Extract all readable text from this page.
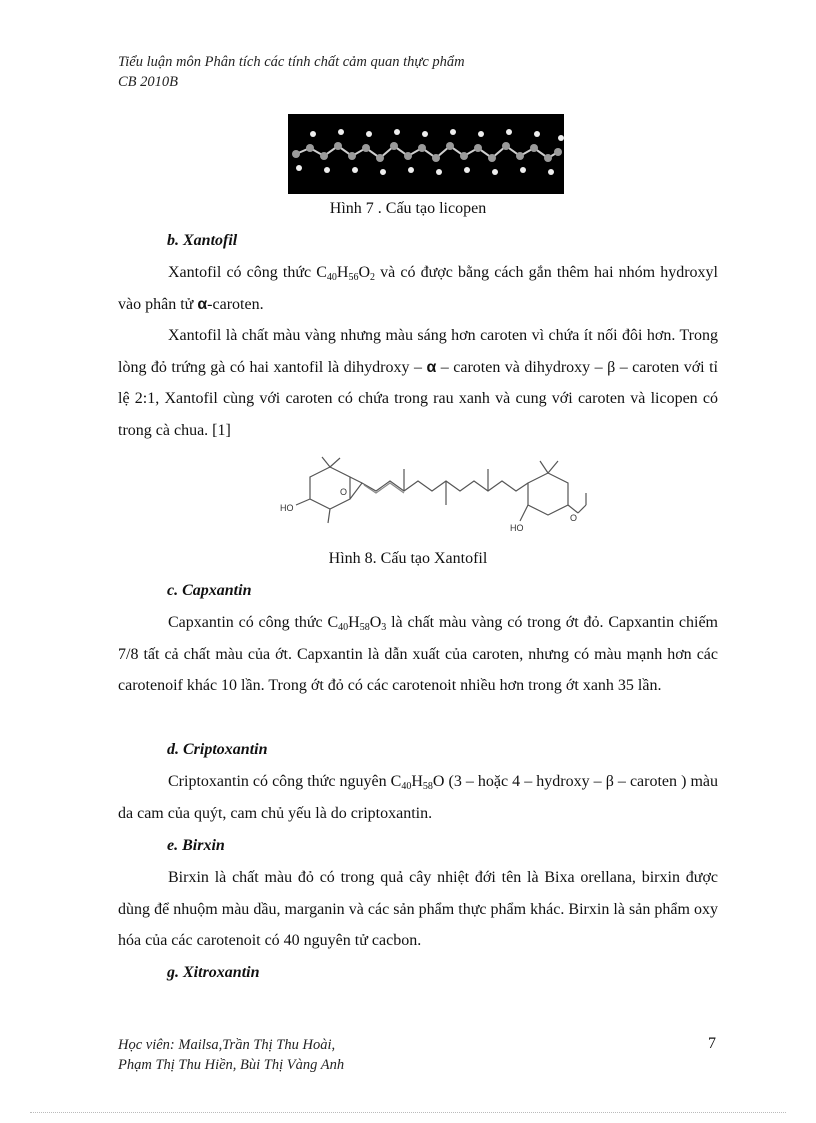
Tiểu luận môn Phân tích các tính chất cảm quan thực phẩm
CB 2010B
Hình 7 . Cấu tạo licopen
b. Xantofil
Xantofil có công thức $C_{40}H_{56}O_2$ và có được bằng cách gắn thêm hai nhóm hydroxyl vào phân tử α-caroten.
Xantofil là chất màu vàng nhưng màu sáng hơn caroten vì chứa ít nối đôi hơn. Trong lòng đỏ trứng gà có hai xantofil là dihydroxy – α – caroten và dihydroxy – β – caroten với tỉ lệ 2:1, Xantofil cùng với caroten có chứa trong rau xanh và cung với caroten và licopen có trong cà chua. [1]
O
HO
HO
O
Hình 8. Cấu tạo Xantofil
c. Capxantin
Capxantin có công thức $C_{40}H_{58}O_3$ là chất màu vàng có trong ớt đỏ. Capxantin chiếm 7/8 tất cả chất màu của ớt. Capxantin là dẫn xuất của caroten, nhưng có màu mạnh hơn các carotenoif khác 10 lần. Trong ớt đỏ có các carotenoit nhiều hơn trong ớt xanh 35 lần.
d. Criptoxantin
Criptoxantin có công thức nguyên $C_{40}H_{58}O$ (3 – hoặc 4 – hydroxy – β – caroten ) màu da cam của quýt, cam chủ yếu là do criptoxantin.
e. Birxin
Birxin là chất màu đỏ có trong quả cây nhiệt đới tên là Bixa orellana, birxin được dùng để nhuộm màu dầu, marganin và các sản phẩm thực phẩm khác. Birxin là sản phẩm oxy hóa của các carotenoit có 40 nguyên tử cacbon.
g. Xitroxantin
Học viên: Mailsa,Trần Thị Thu Hoài,
Phạm Thị Thu Hiền, Bùi Thị Vàng Anh
7
